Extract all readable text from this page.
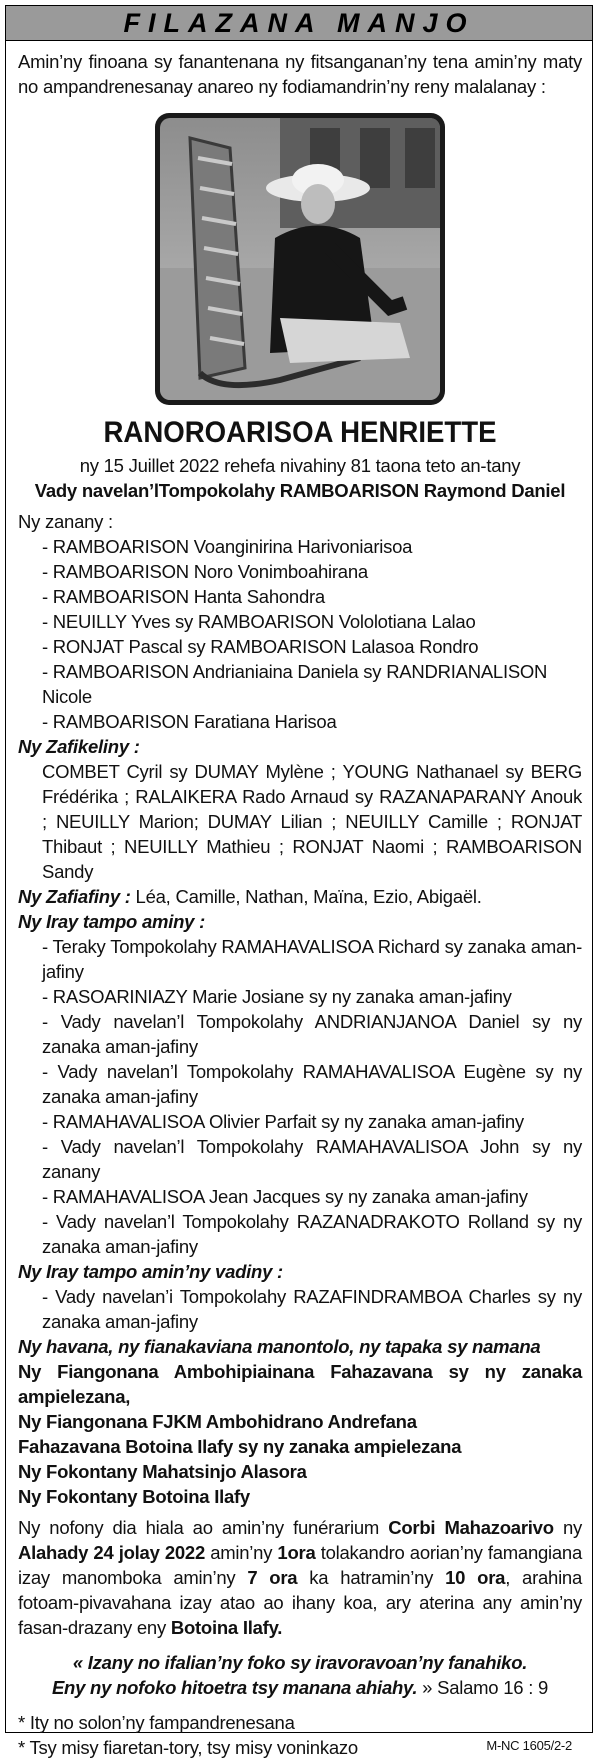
FILAZANA MANJO
Amin’ny finoana sy fanantenana ny fitsanganan’ny tena amin’ny maty no ampandrenesanay anareo ny fodiamandrin’ny reny malalanay :
RANOROARISOA HENRIETTE
ny 15 Juillet 2022 rehefa nivahiny 81 taona teto an-tany
Vady navelan’lTompokolahy RAMBOARISON Raymond Daniel
Ny zanany :
- RAMBOARISON Voanginirina Harivoniarisoa
- RAMBOARISON Noro Vonimboahirana
- RAMBOARISON Hanta Sahondra
- NEUILLY Yves sy RAMBOARISON Vololotiana Lalao
- RONJAT Pascal sy RAMBOARISON Lalasoa Rondro
- RAMBOARISON Andrianiaina Daniela sy RANDRIANALISON Nicole
- RAMBOARISON Faratiana Harisoa
Ny Zafikeliny :
COMBET Cyril sy DUMAY Mylène ; YOUNG Nathanael sy BERG Frédérika ; RALAIKERA Rado Arnaud sy RAZANAPARANY Anouk ; NEUILLY Marion; DUMAY Lilian ; NEUILLY Camille ; RONJAT Thibaut ; NEUILLY Mathieu ; RONJAT Naomi ; RAMBOARISON Sandy
Ny Zafiafiny : Léa, Camille, Nathan, Maïna, Ezio, Abigaël.
Ny Iray tampo aminy :
- Teraky Tompokolahy RAMAHAVALISOA Richard sy zanaka aman-jafiny
- RASOARINIAZY Marie Josiane sy ny zanaka aman-jafiny
- Vady navelan’l Tompokolahy ANDRIANJANOA Daniel sy ny zanaka aman-jafiny
- Vady navelan’l Tompokolahy RAMAHAVALISOA Eugène sy ny zanaka aman-jafiny
- RAMAHAVALISOA Olivier Parfait sy ny zanaka aman-jafiny
- Vady navelan’l Tompokolahy RAMAHAVALISOA John sy ny zanany
- RAMAHAVALISOA Jean Jacques sy ny zanaka aman-jafiny
- Vady navelan’l Tompokolahy RAZANADRAKOTO Rolland sy ny zanaka aman-jafiny
Ny Iray tampo amin’ny vadiny :
- Vady navelan’i Tompokolahy RAZAFINDRAMBOA Charles sy ny zanaka aman-jafiny
Ny havana, ny fianakaviana manontolo, ny tapaka sy namana
Ny Fiangonana Ambohipiainana Fahazavana sy ny zanaka ampielezana,
Ny Fiangonana FJKM Ambohidrano Andrefana
Fahazavana Botoina Ilafy sy ny zanaka ampielezana
Ny Fokontany Mahatsinjo Alasora
Ny Fokontany Botoina Ilafy
Ny nofony dia hiala ao amin’ny funérarium Corbi Mahazoarivo ny Alahady 24 jolay 2022 amin’ny 1ora tolakandro aorian’ny famangiana izay manomboka amin’ny 7 ora ka hatramin’ny 10 ora, arahina fotoam-pivavahana izay atao ao ihany koa, ary aterina any amin’ny fasan-drazany eny Botoina Ilafy.
« Izany no ifalian’ny foko sy iravoravoan’ny fanahiko.
Eny ny nofoko hitoetra tsy manana ahiahy. » Salamo 16 : 9
* Ity no solon’ny fampandrenesana
* Tsy misy fiaretan-tory, tsy misy voninkazo	M-NC 1605/2-2
